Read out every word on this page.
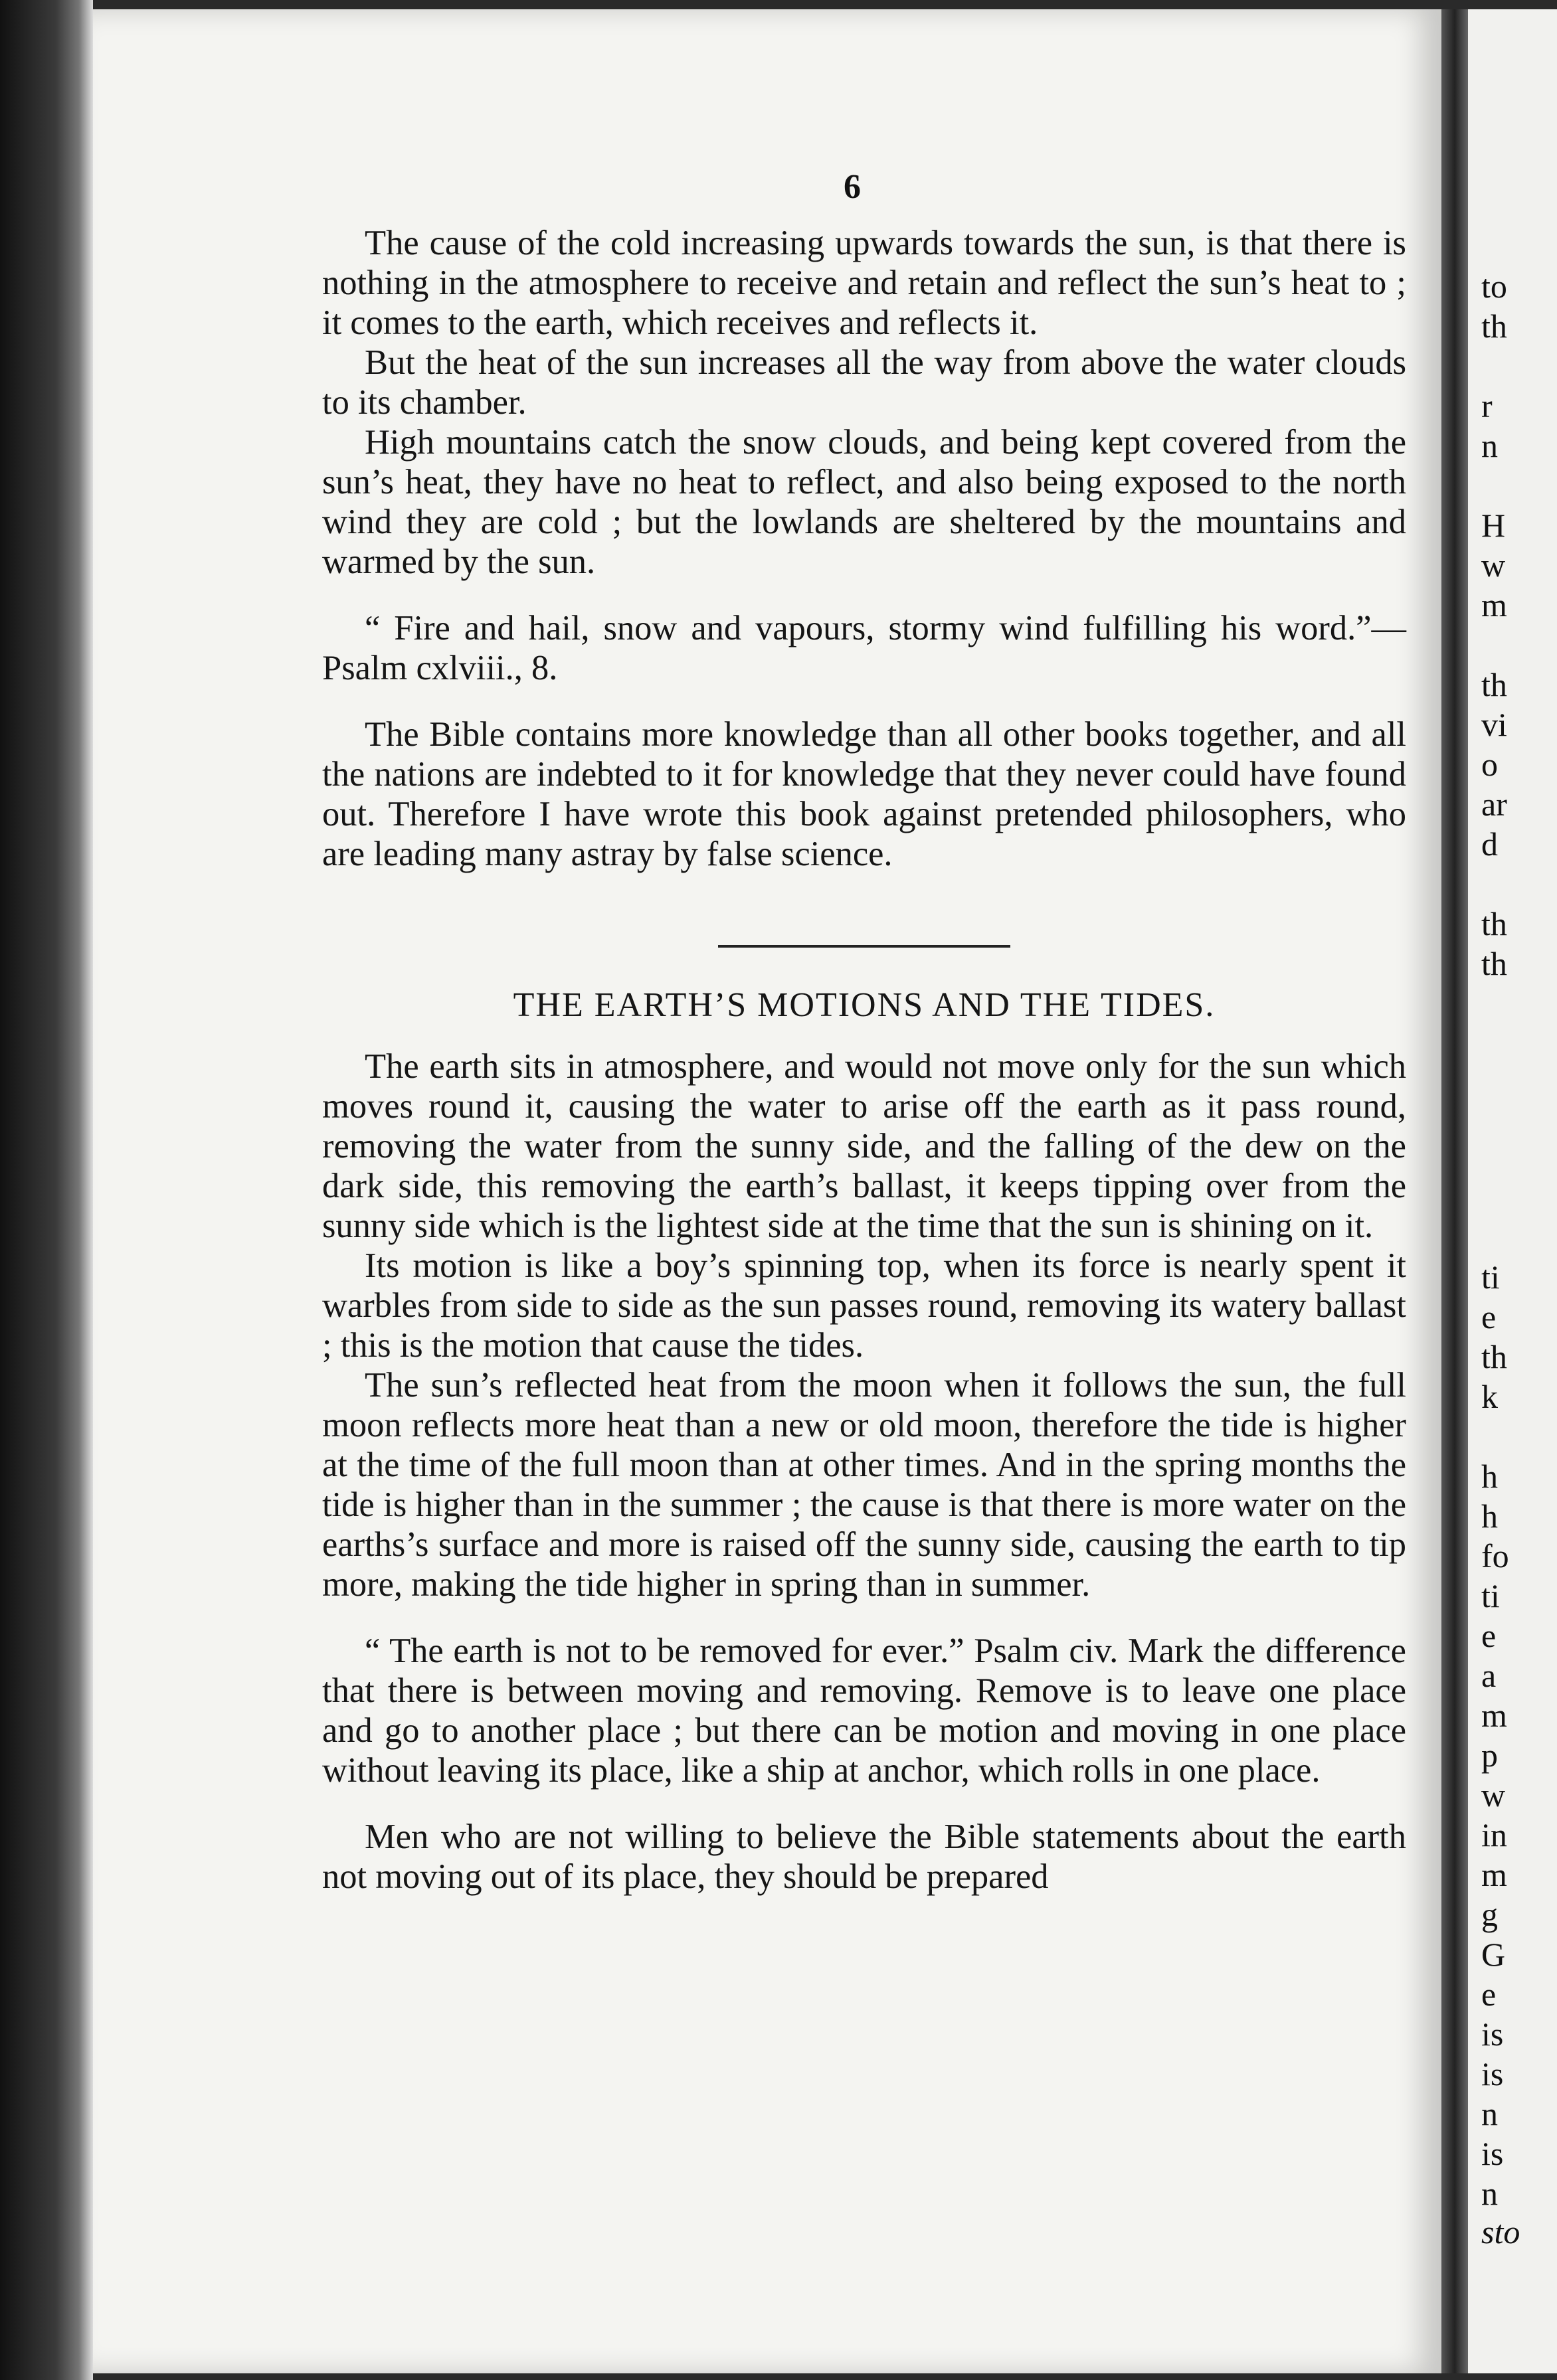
to
th
r
n
H
w
m
th
vi
o
ar
d
th
th
ti
e
th
k
h
h
fo
ti
e
a
m
p
w
in
m
g
G
e
is
is
n
is
n
sto
6

The cause of the cold increasing upwards towards the sun, is that there is nothing in the atmosphere to receive and retain and reflect the sun’s heat to ; it comes to the earth, which receives and reflects it.

But the heat of the sun increases all the way from above the water clouds to its chamber.

High mountains catch the snow clouds, and being kept covered from the sun’s heat, they have no heat to reflect, and also being exposed to the north wind they are cold ; but the lowlands are sheltered by the mountains and warmed by the sun.

“ Fire and hail, snow and vapours, stormy wind fulfilling his word.”—Psalm cxlviii., 8.

The Bible contains more knowledge than all other books together, and all the nations are indebted to it for knowledge that they never could have found out. Therefore I have wrote this book against pretended philosophers, who are leading many astray by false science.

THE EARTH’S MOTIONS AND THE TIDES.

The earth sits in atmosphere, and would not move only for the sun which moves round it, causing the water to arise off the earth as it pass round, removing the water from the sunny side, and the falling of the dew on the dark side, this removing the earth’s ballast, it keeps tipping over from the sunny side which is the lightest side at the time that the sun is shining on it.

Its motion is like a boy’s spinning top, when its force is nearly spent it warbles from side to side as the sun passes round, removing its watery ballast ; this is the motion that cause the tides.

The sun’s reflected heat from the moon when it follows the sun, the full moon reflects more heat than a new or old moon, therefore the tide is higher at the time of the full moon than at other times. And in the spring months the tide is higher than in the summer ; the cause is that there is more water on the earths’s surface and more is raised off the sunny side, causing the earth to tip more, making the tide higher in spring than in summer.

“ The earth is not to be removed for ever.” Psalm civ. Mark the difference that there is between moving and removing. Remove is to leave one place and go to another place ; but there can be motion and moving in one place without leaving its place, like a ship at anchor, which rolls in one place.

Men who are not willing to believe the Bible statements about the earth not moving out of its place, they should be prepared
